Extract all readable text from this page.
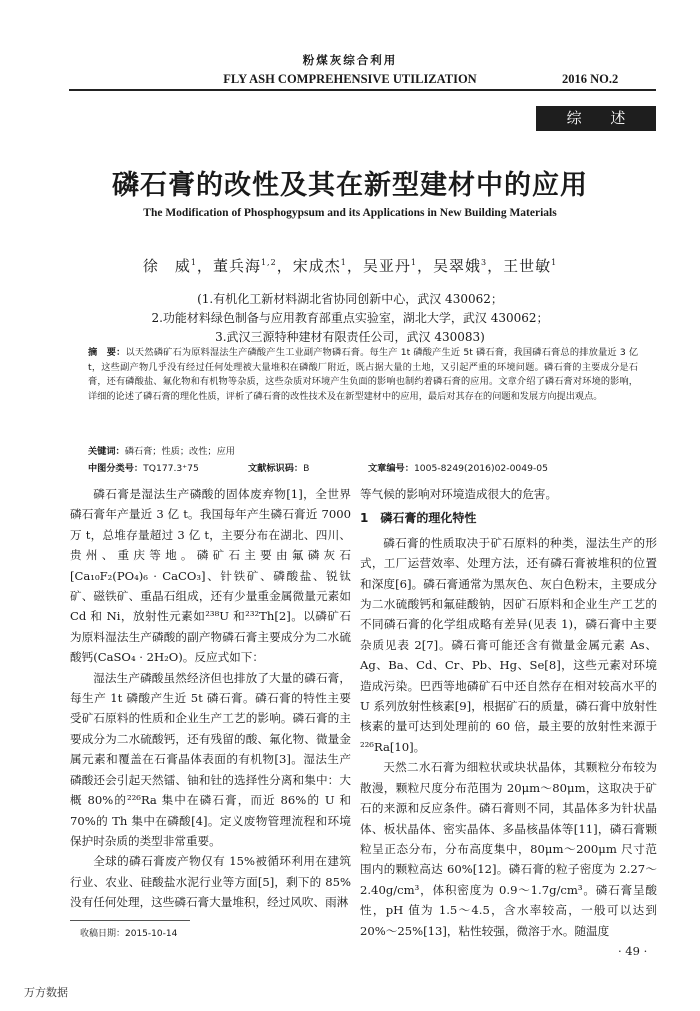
粉煤灰综合利用
FLY ASH COMPREHENSIVE UTILIZATION	2016 NO.2
综 述
磷石膏的改性及其在新型建材中的应用
The Modification of Phosphogypsum and its Applications in New Building Materials
徐　威$^1$，董兵海$^{1,2}$，宋成杰$^1$，吴亚丹$^1$，吴翠娥$^3$，王世敏$^1$
(1.有机化工新材料湖北省协同创新中心，武汉 430062；
2.功能材料绿色制备与应用教育部重点实验室，湖北大学，武汉 430062；
3.武汉三源特种建材有限责任公司，武汉 430083)
摘　要：以天然磷矿石为原料湿法生产磷酸产生工业副产物磷石膏。每生产 1t 磷酸产生近 5t 磷石膏，我国磷石膏总的排放量近 3 亿 t，这些副产物几乎没有经过任何处理被大量堆积在磷酸厂附近，既占据大量的土地，又引起严重的环境问题。磷石膏的主要成分是石膏，还有磷酸盐、氟化物和有机物等杂质，这些杂质对环境产生负面的影响也制约着磷石膏的应用。文章介绍了磷石膏对环境的影响，详细的论述了磷石膏的理化性质，评析了磷石膏的改性技术及在新型建材中的应用，最后对其存在的问题和发展方向提出观点。
关键词：磷石膏；性质；改性；应用
中图分类号：TQ177.3⁺75	文献标识码：B	文章编号：1005-8249(2016)02-0049-05

磷石膏是湿法生产磷酸的固体废弃物[1]，全世界磷石膏年产量近 3 亿 t。我国每年产生磷石膏近 7000 万 t，总堆存量超过 3 亿 t，主要分布在湖北、四川、贵州、重庆等地。磷矿石主要由氟磷灰石[Ca₁₀F₂(PO₄)₆ · CaCO₃]、针铁矿、磷酸盐、锐钛矿、磁铁矿、重晶石组成，还有少量重金属微量元素如 Cd 和 Ni，放射性元素如²³⁸U 和²³²Th[2]。以磷矿石为原料湿法生产磷酸的副产物磷石膏主要成分为二水硫酸钙(CaSO₄ · 2H₂O)。反应式如下：

湿法生产磷酸虽然经济但也排放了大量的磷石膏，每生产 1t 磷酸产生近 5t 磷石膏。磷石膏的特性主要受矿石原料的性质和企业生产工艺的影响。磷石膏的主要成分为二水硫酸钙，还有残留的酸、氟化物、微量金属元素和覆盖在石膏晶体表面的有机物[3]。湿法生产磷酸还会引起天然镭、铀和钍的选择性分离和集中：大概 80%的²²⁶Ra 集中在磷石膏，而近 86%的 U 和 70%的 Th 集中在磷酸[4]。定义废物管理流程和环境保护时杂质的类型非常重要。

全球的磷石膏废产物仅有 15%被循环利用在建筑行业、农业、硅酸盐水泥行业等方面[5]，剩下的 85%没有任何处理，这些磷石膏大量堆积，经过风吹、雨淋

等气候的影响对环境造成很大的危害。

1　磷石膏的理化特性

磷石膏的性质取决于矿石原料的种类，湿法生产的形式，工厂运营效率、处理方法，还有磷石膏被堆积的位置和深度[6]。磷石膏通常为黑灰色、灰白色粉末，主要成分为二水硫酸钙和氟硅酸钠，因矿石原料和企业生产工艺的不同磷石膏的化学组成略有差异(见表 1)，磷石膏中主要杂质见表 2[7]。磷石膏可能还含有微量金属元素 As、Ag、Ba、Cd、Cr、Pb、Hg、Se[8]，这些元素对环境造成污染。巴西等地磷矿石中还自然存在相对较高水平的 U 系列放射性核素[9]，根据矿石的质量，磷石膏中放射性核素的量可达到处理前的 60 倍，最主要的放射性来源于²²⁶Ra[10]。

天然二水石膏为细粒状或块状晶体，其颗粒分布较为散漫，颗粒尺度分布范围为 20μm～80μm，这取决于矿石的来源和反应条件。磷石膏则不同，其晶体多为针状晶体、板状晶体、密实晶体、多晶核晶体等[11]，磷石膏颗粒呈正态分布，分布高度集中，80μm～200μm 尺寸范围内的颗粒高达 60%[12]。磷石膏的粒子密度为 2.27～2.40g/cm³，体积密度为 0.9～1.7g/cm³。磷石膏呈酸性，pH 值为 1.5～4.5，含水率较高，一般可以达到 20%～25%[13]，粘性较强，微溶于水。随温度

收稿日期：2015-10-14
· 49 ·
万方数据
